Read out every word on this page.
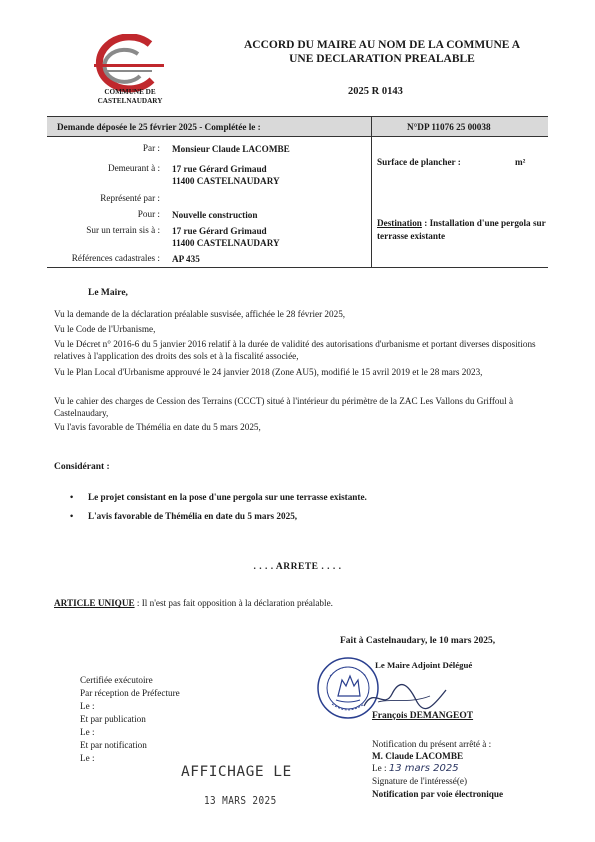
COMMUNE DE
CASTELNAUDARY
ACCORD DU MAIRE AU NOM DE LA COMMUNE A
UNE DECLARATION PREALABLE
2025 R 0143
Demande déposée le 25 février 2025 - Complétée le :	N°DP 11076 25 00038
Par : Monsieur Claude LACOMBE
Demeurant à : 17 rue Gérard Grimaud
11400 CASTELNAUDARY
Représenté par :
Pour : Nouvelle construction
Sur un terrain sis à : 17 rue Gérard Grimaud
11400 CASTELNAUDARY
Références cadastrales : AP 435
Surface de plancher :	m²
Destination : Installation d'une pergola sur terrasse existante
Le Maire,
Vu la demande de la déclaration préalable susvisée, affichée le 28 février 2025,
Vu le Code de l'Urbanisme,
Vu le Décret n° 2016-6 du 5 janvier 2016 relatif à la durée de validité des autorisations d'urbanisme et portant diverses dispositions relatives à l'application des droits des sols et à la fiscalité associée,
Vu le Plan Local d'Urbanisme approuvé le 24 janvier 2018 (Zone AU5), modifié le 15 avril 2019 et le 28 mars 2023,
Vu le cahier des charges de Cession des Terrains (CCCT) situé à l'intérieur du périmètre de la ZAC Les Vallons du Griffoul à Castelnaudary,
Vu l'avis favorable de Thémélia en date du 5 mars 2025,
Considérant :
• Le projet consistant en la pose d'une pergola sur une terrasse existante.
• L'avis favorable de Thémélia en date du 5 mars 2025,
. . . . ARRETE . . . .
ARTICLE UNIQUE : Il n'est pas fait opposition à la déclaration préalable.
Fait à Castelnaudary, le 10 mars 2025,
Le Maire Adjoint Délégué
François DEMANGEOT
Certifiée exécutoire
Par réception de Préfecture
Le :
Et par publication
Le :
Et par notification
Le :
Notification du présent arrêté à :
M. Claude LACOMBE
Le : 13 mars 2025
Signature de l'intéressé(e)
Notification par voie électronique
AFFICHAGE LE
13 MARS 2025
